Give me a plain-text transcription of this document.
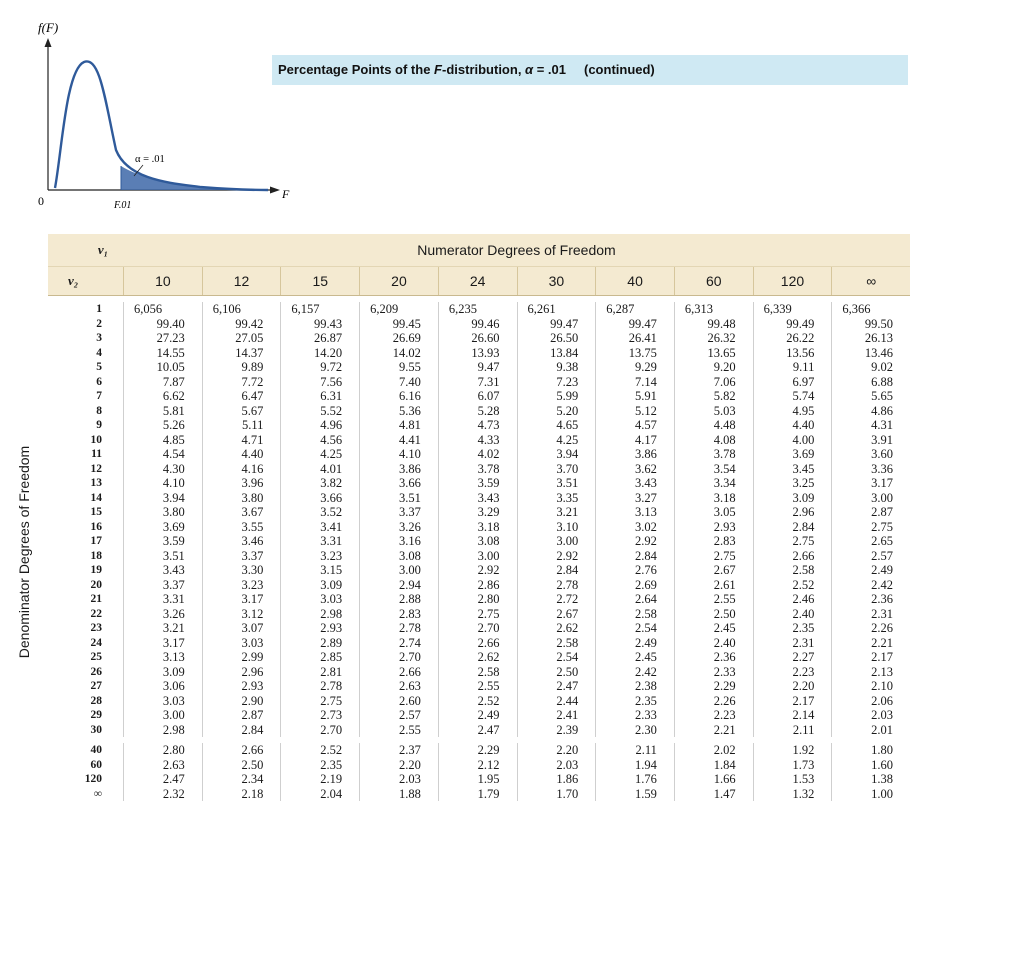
f(F)
F
0
α = .01
F.01
Percentage Points of the F-distribution, α = .01 (continued)
ν₁	Numerator Degrees of Freedom
ν₂	10	12	15	20	24	30	40	60	120	∞
Denominator Degrees of Freedom
1	6,056	6,106	6,157	6,209	6,235	6,261	6,287	6,313	6,339	6,366
2	99.40	99.42	99.43	99.45	99.46	99.47	99.47	99.48	99.49	99.50
3	27.23	27.05	26.87	26.69	26.60	26.50	26.41	26.32	26.22	26.13
4	14.55	14.37	14.20	14.02	13.93	13.84	13.75	13.65	13.56	13.46
5	10.05	9.89	9.72	9.55	9.47	9.38	9.29	9.20	9.11	9.02
6	7.87	7.72	7.56	7.40	7.31	7.23	7.14	7.06	6.97	6.88
7	6.62	6.47	6.31	6.16	6.07	5.99	5.91	5.82	5.74	5.65
8	5.81	5.67	5.52	5.36	5.28	5.20	5.12	5.03	4.95	4.86
9	5.26	5.11	4.96	4.81	4.73	4.65	4.57	4.48	4.40	4.31
10	4.85	4.71	4.56	4.41	4.33	4.25	4.17	4.08	4.00	3.91
11	4.54	4.40	4.25	4.10	4.02	3.94	3.86	3.78	3.69	3.60
12	4.30	4.16	4.01	3.86	3.78	3.70	3.62	3.54	3.45	3.36
13	4.10	3.96	3.82	3.66	3.59	3.51	3.43	3.34	3.25	3.17
14	3.94	3.80	3.66	3.51	3.43	3.35	3.27	3.18	3.09	3.00
15	3.80	3.67	3.52	3.37	3.29	3.21	3.13	3.05	2.96	2.87
16	3.69	3.55	3.41	3.26	3.18	3.10	3.02	2.93	2.84	2.75
17	3.59	3.46	3.31	3.16	3.08	3.00	2.92	2.83	2.75	2.65
18	3.51	3.37	3.23	3.08	3.00	2.92	2.84	2.75	2.66	2.57
19	3.43	3.30	3.15	3.00	2.92	2.84	2.76	2.67	2.58	2.49
20	3.37	3.23	3.09	2.94	2.86	2.78	2.69	2.61	2.52	2.42
21	3.31	3.17	3.03	2.88	2.80	2.72	2.64	2.55	2.46	2.36
22	3.26	3.12	2.98	2.83	2.75	2.67	2.58	2.50	2.40	2.31
23	3.21	3.07	2.93	2.78	2.70	2.62	2.54	2.45	2.35	2.26
24	3.17	3.03	2.89	2.74	2.66	2.58	2.49	2.40	2.31	2.21
25	3.13	2.99	2.85	2.70	2.62	2.54	2.45	2.36	2.27	2.17
26	3.09	2.96	2.81	2.66	2.58	2.50	2.42	2.33	2.23	2.13
27	3.06	2.93	2.78	2.63	2.55	2.47	2.38	2.29	2.20	2.10
28	3.03	2.90	2.75	2.60	2.52	2.44	2.35	2.26	2.17	2.06
29	3.00	2.87	2.73	2.57	2.49	2.41	2.33	2.23	2.14	2.03
30	2.98	2.84	2.70	2.55	2.47	2.39	2.30	2.21	2.11	2.01
40	2.80	2.66	2.52	2.37	2.29	2.20	2.11	2.02	1.92	1.80
60	2.63	2.50	2.35	2.20	2.12	2.03	1.94	1.84	1.73	1.60
120	2.47	2.34	2.19	2.03	1.95	1.86	1.76	1.66	1.53	1.38
∞	2.32	2.18	2.04	1.88	1.79	1.70	1.59	1.47	1.32	1.00
